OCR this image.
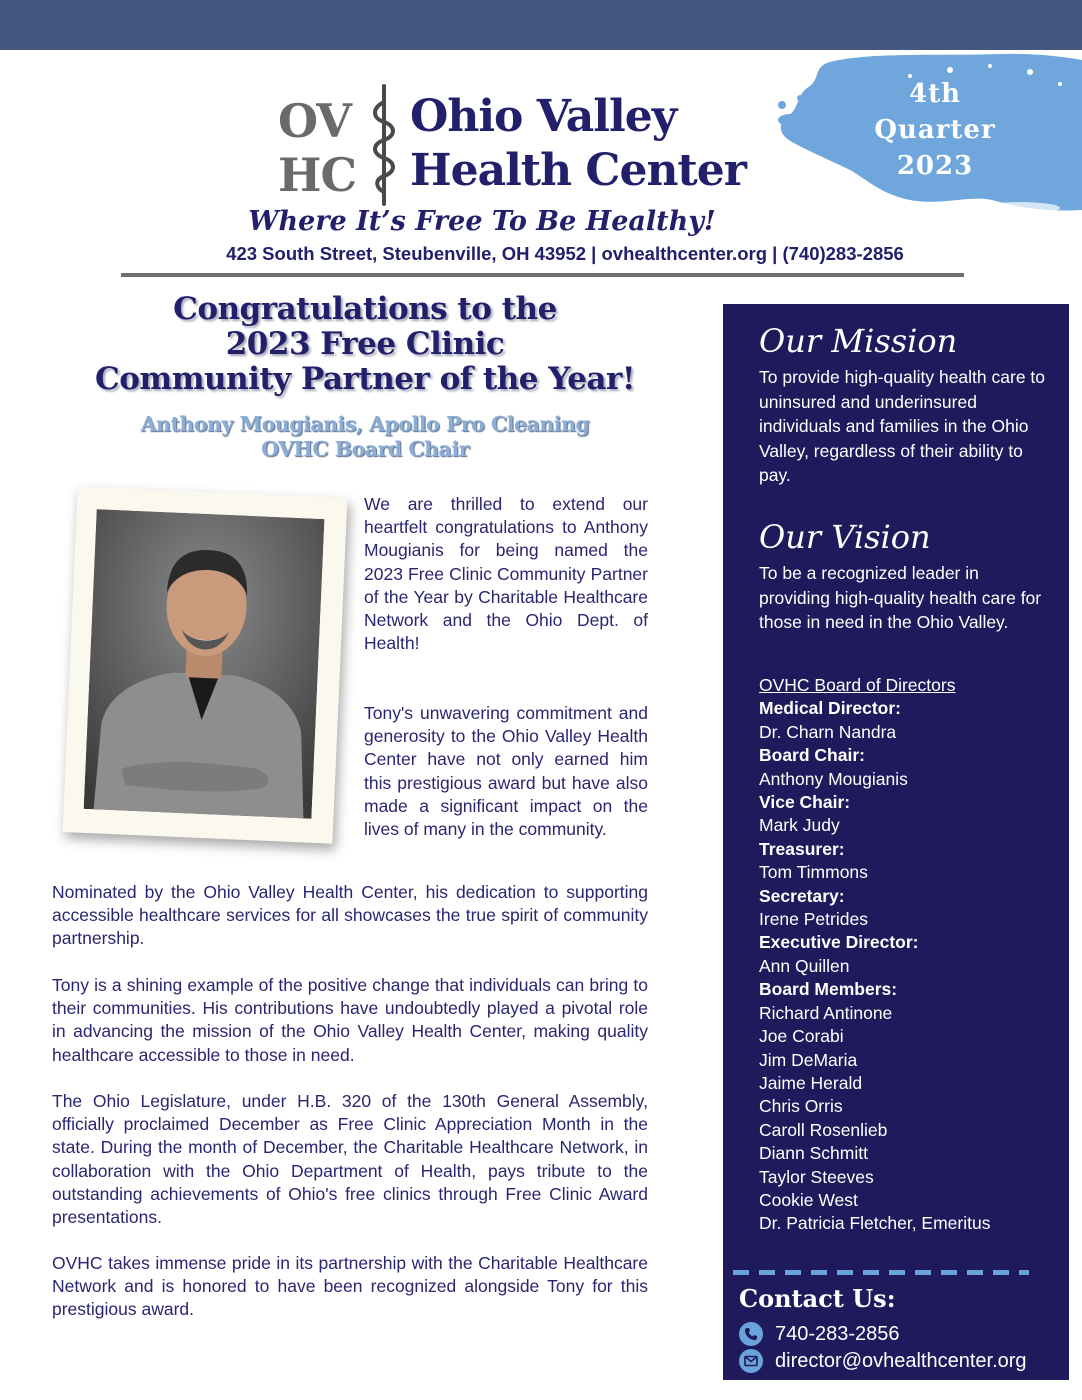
4th
Quarter
2023
OV
HC
Ohio Valley
Health Center
Where It’s Free To Be Healthy!
423 South Street, Steubenville, OH 43952 | ovhealthcenter.org | (740)283-2856
Congratulations to the
2023 Free Clinic
Community Partner of the Year!
Anthony Mougianis, Apollo Pro Cleaning
OVHC Board Chair

We are thrilled to extend our heartfelt congratulations to Anthony Mougianis for being named the 2023 Free Clinic Community Partner of the Year by Charitable Healthcare Network and the Ohio Dept. of Health!

Tony's unwavering commitment and generosity to the Ohio Valley Health Center have not only earned him this prestigious award but have also made a significant impact on the lives of many in the community.

Nominated by the Ohio Valley Health Center, his dedication to supporting accessible healthcare services for all showcases the true spirit of community partnership.

Tony is a shining example of the positive change that individuals can bring to their communities. His contributions have undoubtedly played a pivotal role in advancing the mission of the Ohio Valley Health Center, making quality healthcare accessible to those in need.

The Ohio Legislature, under H.B. 320 of the 130th General Assembly, officially proclaimed December as Free Clinic Appreciation Month in the state. During the month of December, the Charitable Healthcare Network, in collaboration with the Ohio Department of Health, pays tribute to the outstanding achievements of Ohio's free clinics through Free Clinic Award presentations.

OVHC takes immense pride in its partnership with the Charitable Healthcare Network and is honored to have been recognized alongside Tony for this prestigious award.

Our Mission
To provide high-quality health care to uninsured and underinsured individuals and families in the Ohio Valley, regardless of their ability to pay.
Our Vision
To be a recognized leader in providing high-quality health care for those in need in the Ohio Valley.
OVHC Board of Directors
Medical Director:
Dr. Charn Nandra
Board Chair:
Anthony Mougianis
Vice Chair:
Mark Judy
Treasurer:
Tom Timmons
Secretary:
Irene Petrides
Executive Director:
Ann Quillen
Board Members:
Richard Antinone
Joe Corabi
Jim DeMaria
Jaime Herald
Chris Orris
Caroll Rosenlieb
Diann Schmitt
Taylor Steeves
Cookie West
Dr. Patricia Fletcher, Emeritus
Contact Us:
740-283-2856
director@ovhealthcenter.org
